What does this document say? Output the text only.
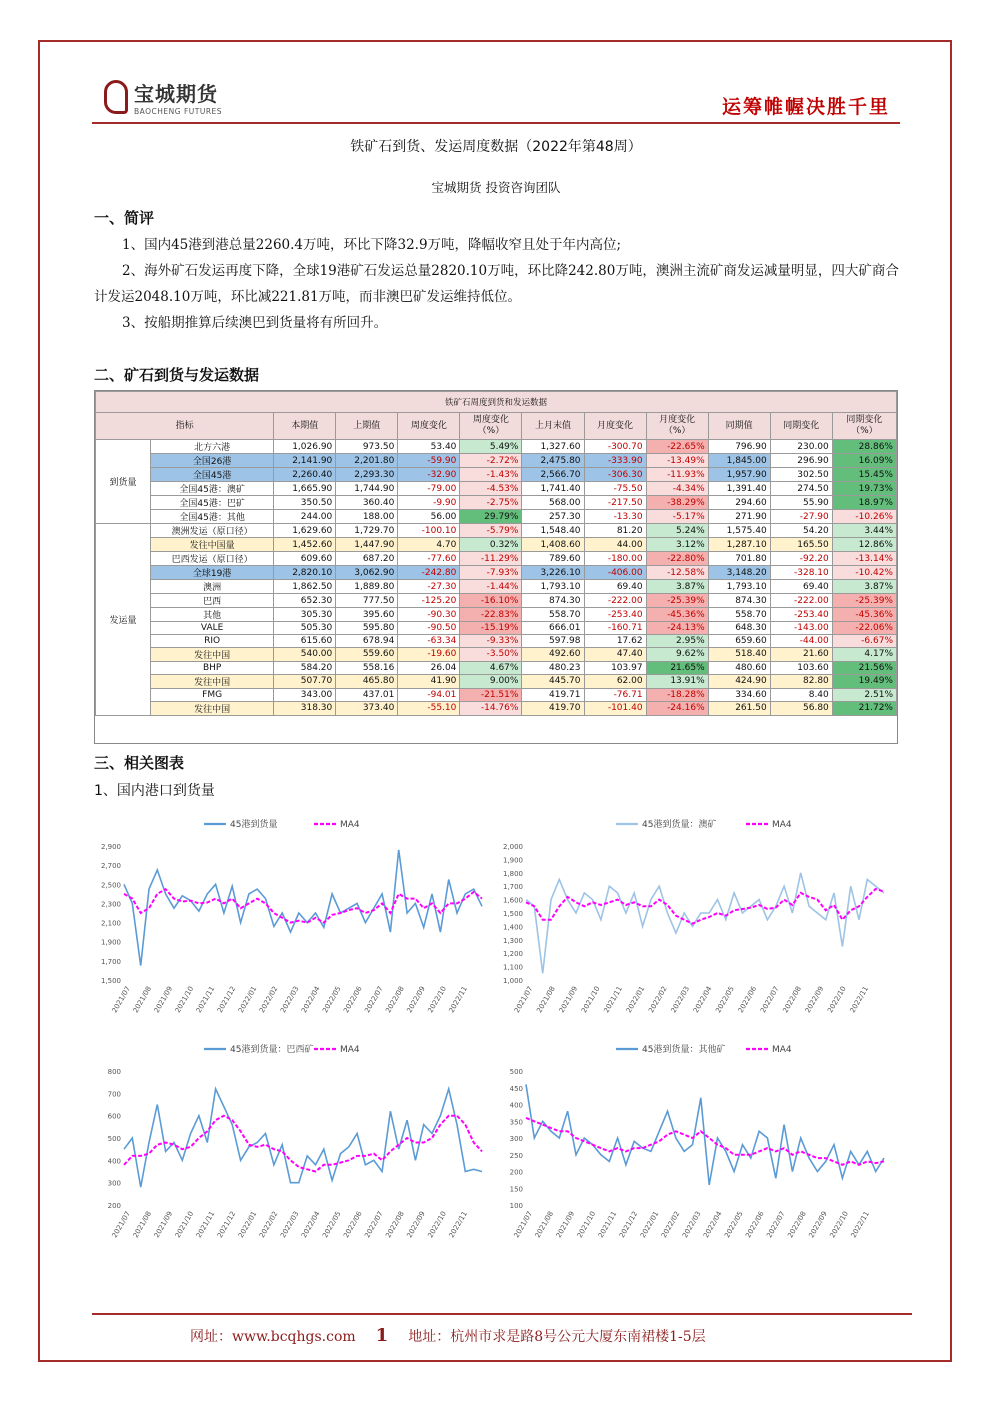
宝城期货
BAOCHENG FUTURES	运筹帷幄决胜千里
铁矿石到货、发运周度数据（2022年第48周）
宝城期货 投资咨询团队
一、简评

1、国内45港到港总量2260.4万吨，环比下降32.9万吨，降幅收窄且处于年内高位;

2、海外矿石发运再度下降，全球19港矿石发运总量2820.10万吨，环比降242.80万吨，澳洲主流矿商发运减量明显，四大矿商合计发运2048.10万吨，环比减221.81万吨，而非澳巴矿发运维持低位。

3、按船期推算后续澳巴到货量将有所回升。

二、矿石到货与发运数据
铁矿石周度到货和发运数据											
指标		本期值	上期值	周度变化	周度变化（%）	上月末值	月度变化	月度变化（%）	同期值	同期变化	同期变化（%）
到货量	北方六港	1,026.90	973.50	53.40	5.49%	1,327.60	-300.70	-22.65%	796.90	230.00	28.86%
	全国26港	2,141.90	2,201.80	-59.90	-2.72%	2,475.80	-333.90	-13.49%	1,845.00	296.90	16.09%
	全国45港	2,260.40	2,293.30	-32.90	-1.43%	2,566.70	-306.30	-11.93%	1,957.90	302.50	15.45%
	全国45港：澳矿	1,665.90	1,744.90	-79.00	-4.53%	1,741.40	-75.50	-4.34%	1,391.40	274.50	19.73%
	全国45港：巴矿	350.50	360.40	-9.90	-2.75%	568.00	-217.50	-38.29%	294.60	55.90	18.97%
	全国45港：其他	244.00	188.00	56.00	29.79%	257.30	-13.30	-5.17%	271.90	-27.90	-10.26%
发运量	澳洲发运（原口径）	1,629.60	1,729.70	-100.10	-5.79%	1,548.40	81.20	5.24%	1,575.40	54.20	3.44%
	发往中国量	1,452.60	1,447.90	4.70	0.32%	1,408.60	44.00	3.12%	1,287.10	165.50	12.86%
	巴西发运（原口径）	609.60	687.20	-77.60	-11.29%	789.60	-180.00	-22.80%	701.80	-92.20	-13.14%
	全球19港	2,820.10	3,062.90	-242.80	-7.93%	3,226.10	-406.00	-12.58%	3,148.20	-328.10	-10.42%
	澳洲	1,862.50	1,889.80	-27.30	-1.44%	1,793.10	69.40	3.87%	1,793.10	69.40	3.87%
	巴西	652.30	777.50	-125.20	-16.10%	874.30	-222.00	-25.39%	874.30	-222.00	-25.39%
	其他	305.30	395.60	-90.30	-22.83%	558.70	-253.40	-45.36%	558.70	-253.40	-45.36%
	VALE	505.30	595.80	-90.50	-15.19%	666.01	-160.71	-24.13%	648.30	-143.00	-22.06%
	RIO	615.60	678.94	-63.34	-9.33%	597.98	17.62	2.95%	659.60	-44.00	-6.67%
	发往中国	540.00	559.60	-19.60	-3.50%	492.60	47.40	9.62%	518.40	21.60	4.17%
	BHP	584.20	558.16	26.04	4.67%	480.23	103.97	21.65%	480.60	103.60	21.56%
	发往中国	507.70	465.80	41.90	9.00%	445.70	62.00	13.91%	424.90	82.80	19.49%
	FMG	343.00	437.01	-94.01	-21.51%	419.71	-76.71	-18.28%	334.60	8.40	2.51%
	发往中国	318.30	373.40	-55.10	-14.76%	419.70	-101.40	-24.16%	261.50	56.80	21.72%
三、相关图表
1、国内港口到货量
1,500
1,700
1,900
2,100
2,300
2,500
2,700
2,900
2021/07 2021/08 2021/09 2021/10 2021/11 2021/12 2022/01 2022/02 2022/03 2022/04 2022/05 2022/06 2022/07 2022/08 2022/09 2022/10 2022/11
45港到货量	MA4
1,000
1,100
1,200
1,300
1,400
1,500
1,600
1,700
1,800
1,900
2,000
2021/07 2021/08 2021/09 2021/10 2021/11 2022/01 2022/02 2022/03 2022/04 2022/05 2022/06 2022/07 2022/08 2022/09 2022/10 2022/11
45港到货量：澳矿	MA4
200
300
400
500
600
700
800
2021/07 2021/08 2021/09 2021/10 2021/11 2021/12 2022/01 2022/02 2022/03 2022/04 2022/05 2022/06 2022/07 2022/08 2022/09 2022/10 2022/11
45港到货量：巴西矿	MA4
100
150
200
250
300
350
400
450
500
2021/07 2021/08 2021/09 2021/10 2021/11 2021/12 2022/01 2022/02 2022/03 2022/04 2022/05 2022/06 2022/07 2022/08 2022/09 2022/10 2022/11
45港到货量：其他矿	MA4
网址：www.bcqhgs.com 1 地址：杭州市求是路8号公元大厦东南裙楼1-5层
